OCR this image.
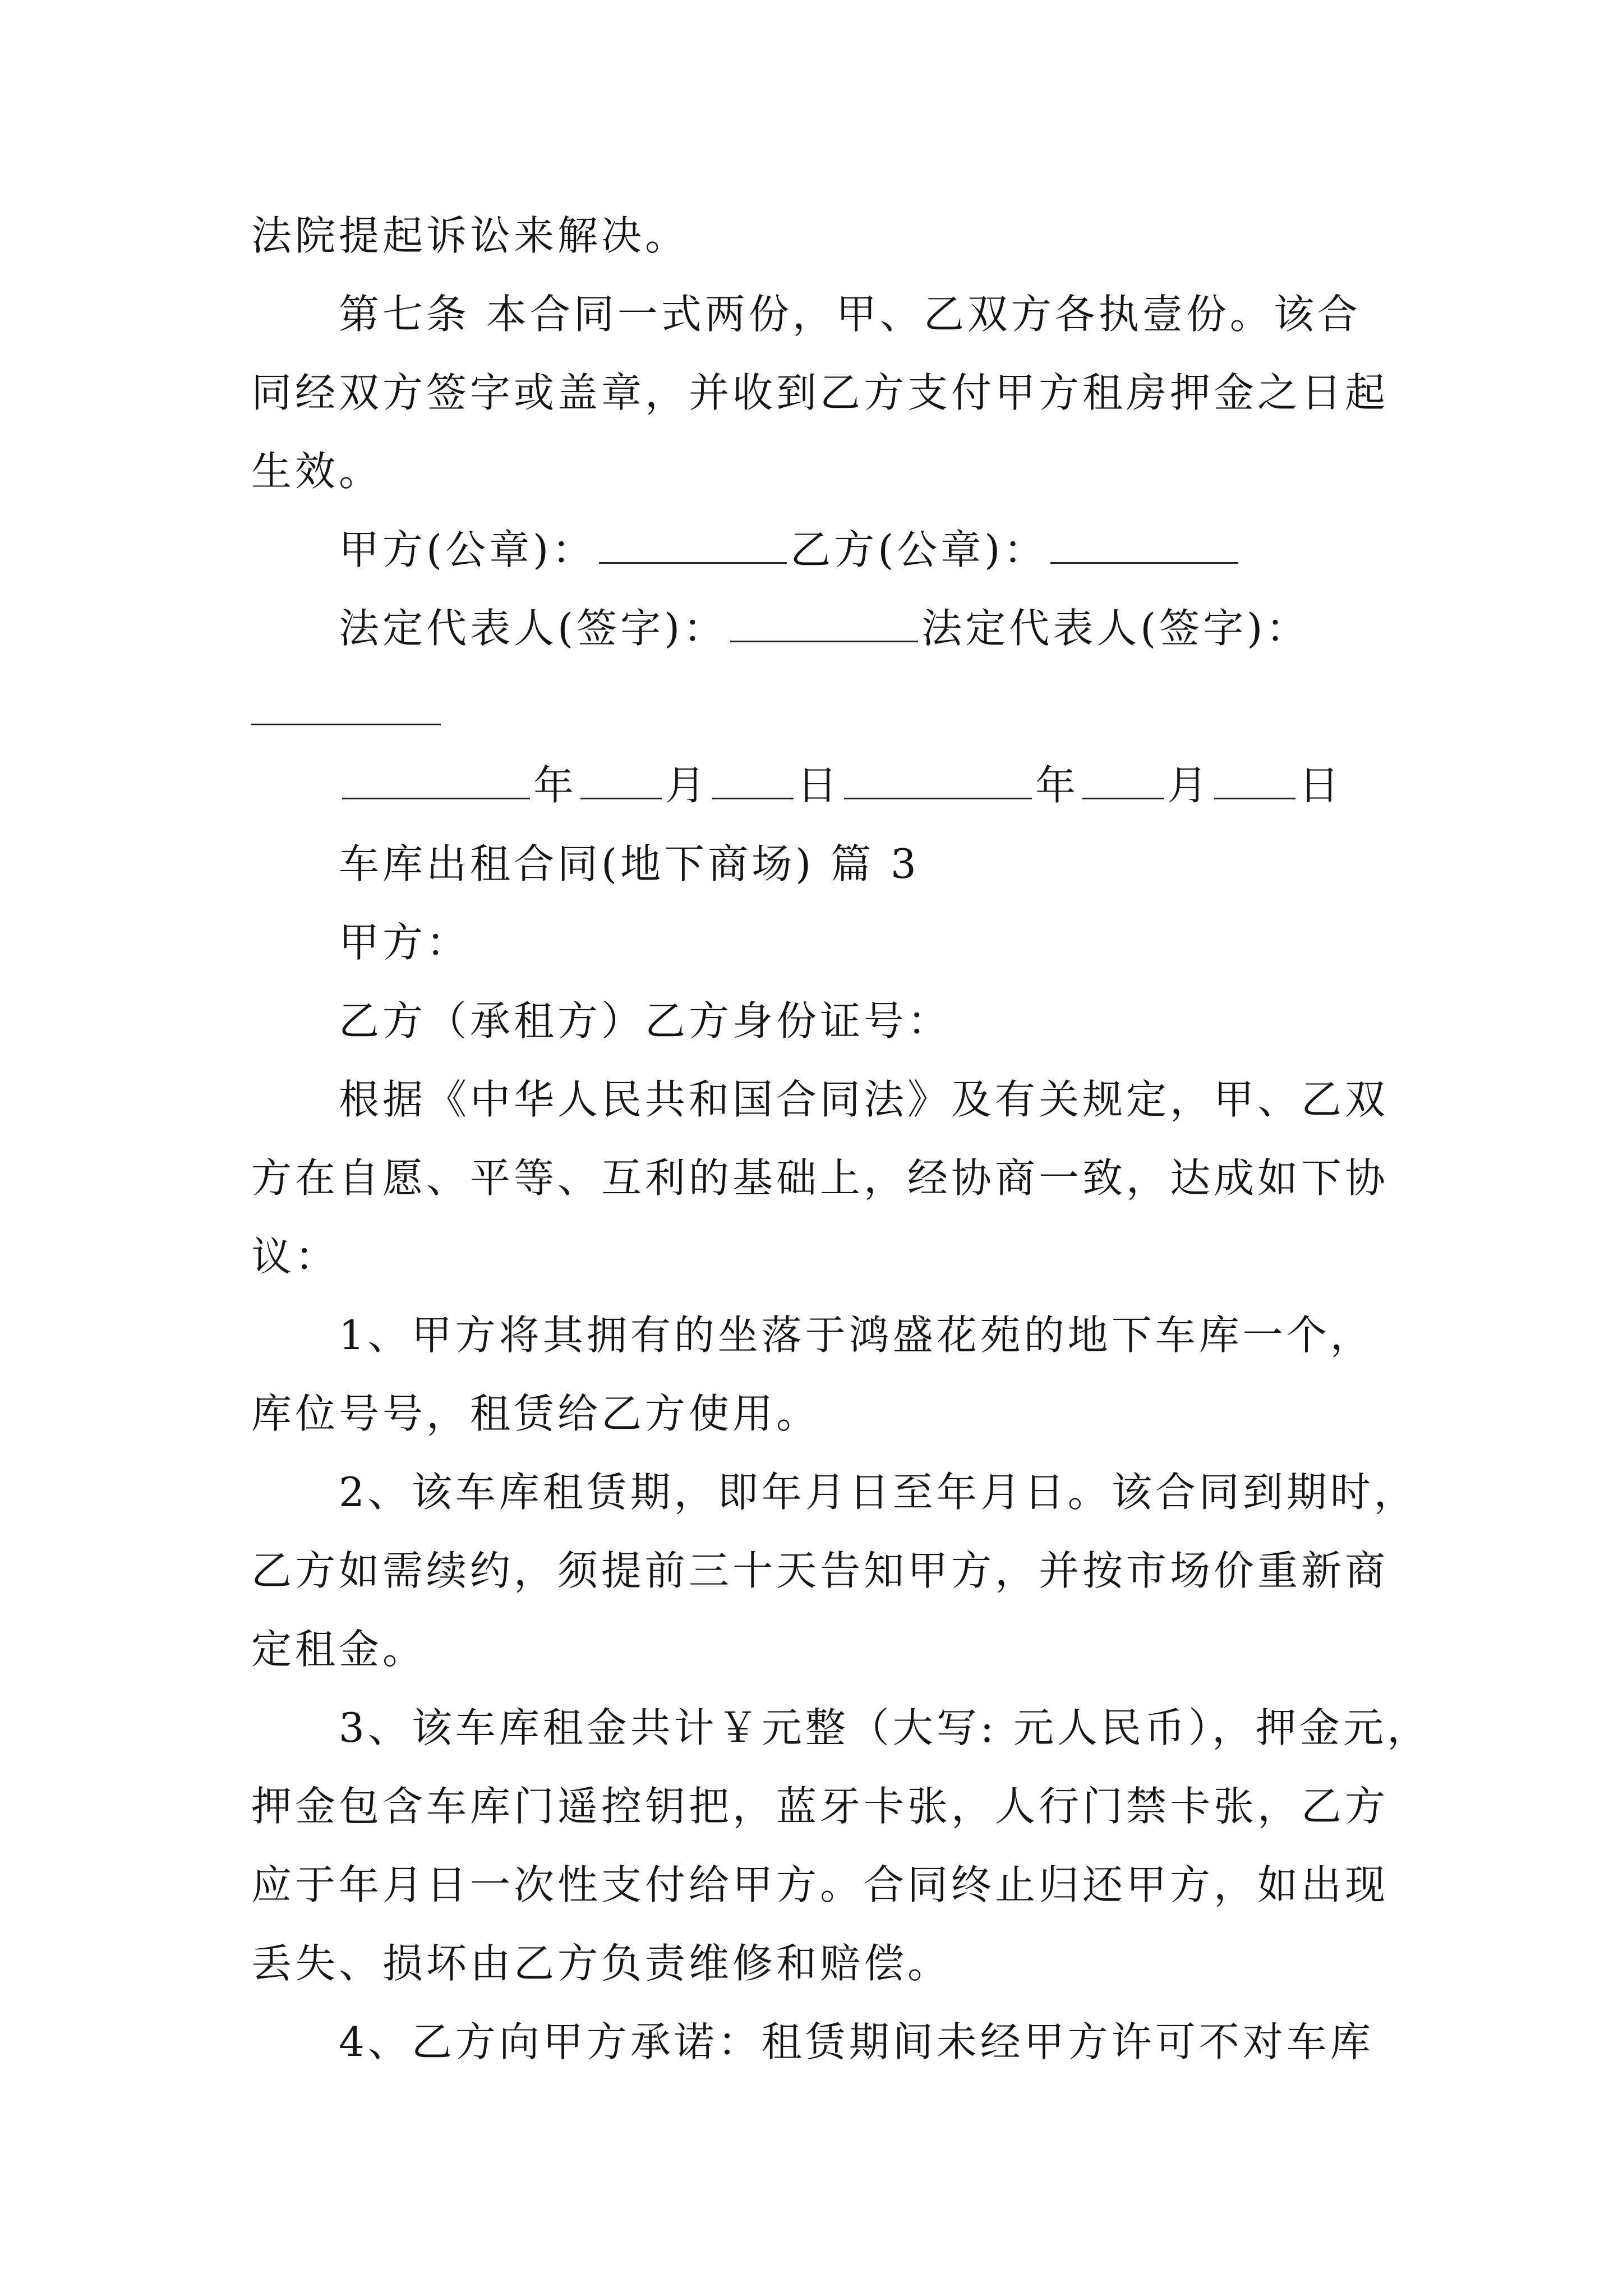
法院提起诉讼来解决。
第七条 本合同一式两份，甲、乙双方各执壹份。该合
同经双方签字或盖章，并收到乙方支付甲方租房押金之日起
生效。
甲方(公章)：	乙方(公章)：
法定代表人(签字)：	法定代表人(签字)：
年 月 日	年 月 日
车库出租合同(地下商场) 篇 3
甲方：
乙方（承租方）乙方身份证号：
根据《中华人民共和国合同法》及有关规定，甲、乙双
方在自愿、平等、互利的基础上，经协商一致，达成如下协
议：
1、甲方将其拥有的坐落于鸿盛花苑的地下车库一个，
库位号号，租赁给乙方使用。
2、该车库租赁期，即年月日至年月日。该合同到期时，
乙方如需续约，须提前三十天告知甲方，并按市场价重新商
定租金。
3、该车库租金共计￥元整（大写: 元人民币），押金元，
押金包含车库门遥控钥把，蓝牙卡张，人行门禁卡张，乙方
应于年月日一次性支付给甲方。合同终止归还甲方，如出现
丢失、损坏由乙方负责维修和赔偿。
4、乙方向甲方承诺：租赁期间未经甲方许可不对车库
